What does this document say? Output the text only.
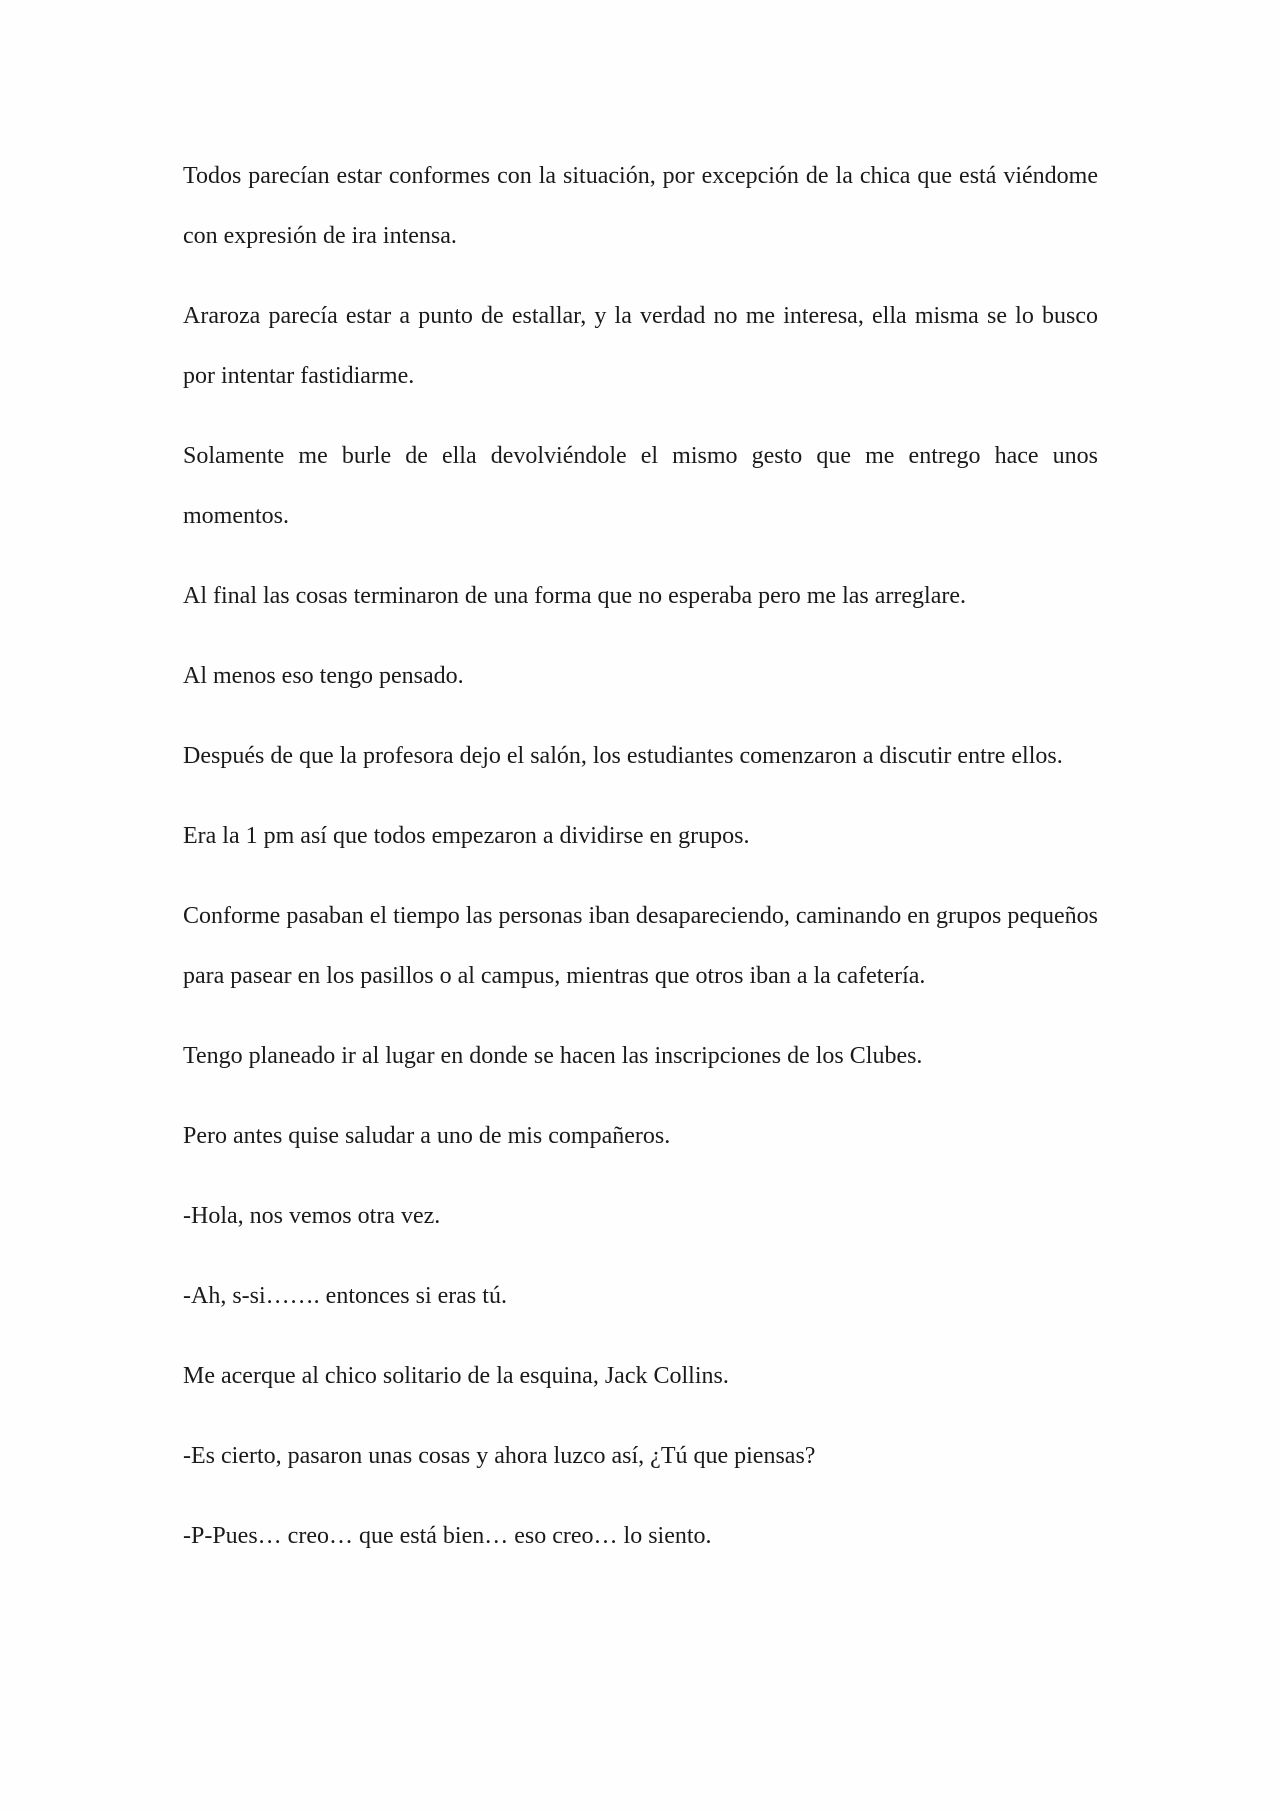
Todos parecían estar conformes con la situación, por excepción de la chica que está viéndome con expresión de ira intensa.

Araroza parecía estar a punto de estallar, y la verdad no me interesa, ella misma se lo busco por intentar fastidiarme.

Solamente me burle de ella devolviéndole el mismo gesto que me entrego hace unos momentos.

Al final las cosas terminaron de una forma que no esperaba pero me las arreglare.

Al menos eso tengo pensado.

Después de que la profesora dejo el salón, los estudiantes comenzaron a discutir entre ellos.

Era la 1 pm así que todos empezaron a dividirse en grupos.

Conforme pasaban el tiempo las personas iban desapareciendo, caminando en grupos pequeños para pasear en los pasillos o al campus, mientras que otros iban a la cafetería.

Tengo planeado ir al lugar en donde se hacen las inscripciones de los Clubes.

Pero antes quise saludar a uno de mis compañeros.

-Hola, nos vemos otra vez.

-Ah, s-si……. entonces si eras tú.

Me acerque al chico solitario de la esquina, Jack Collins.

-Es cierto, pasaron unas cosas y ahora luzco así, ¿Tú que piensas?

-P-Pues… creo… que está bien… eso creo… lo siento.
